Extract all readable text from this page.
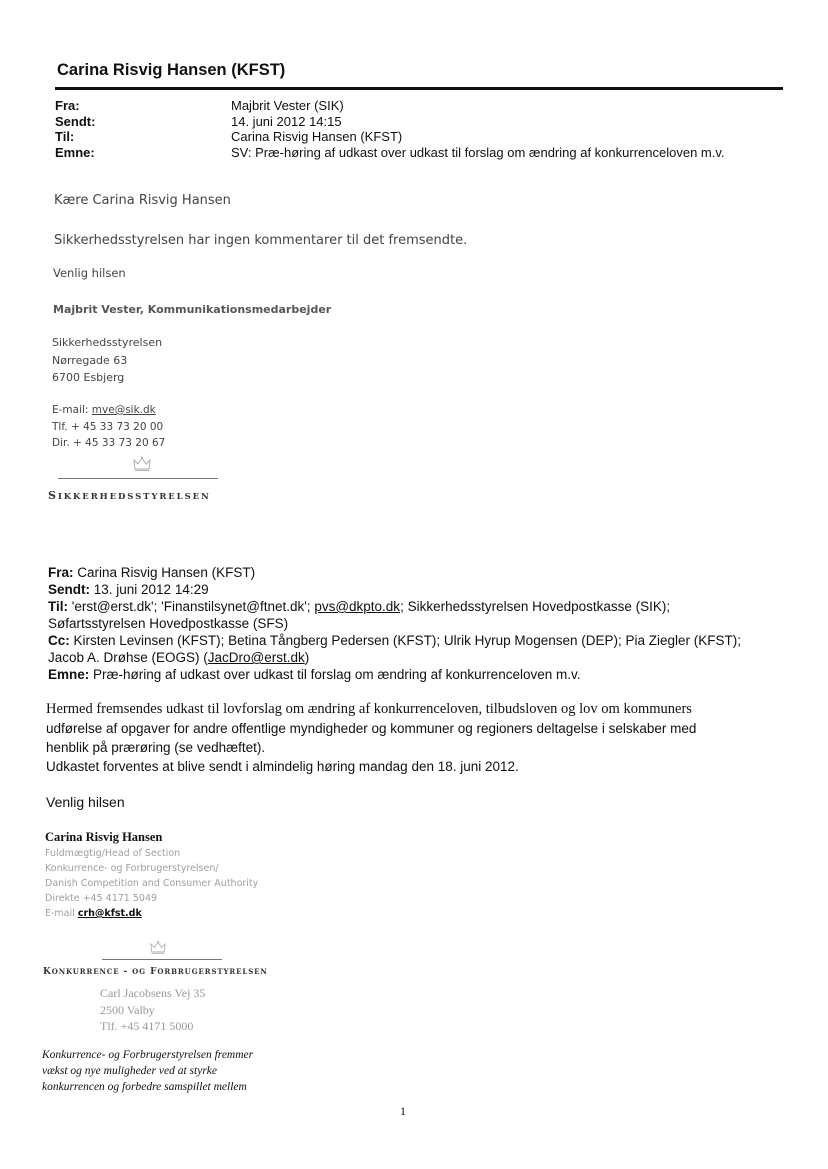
Carina Risvig Hansen (KFST)
Fra:	Majbrit Vester (SIK)
Sendt:	14. juni 2012 14:15
Til:	Carina Risvig Hansen (KFST)
Emne:	SV: Præ-høring af udkast over udkast til forslag om ændring af konkurrenceloven m.v.
Kære Carina Risvig Hansen
Sikkerhedsstyrelsen har ingen kommentarer til det fremsendte.
Venlig hilsen
Majbrit Vester, Kommunikationsmedarbejder
Sikkerhedsstyrelsen
Nørregade 63
6700 Esbjerg
E-mail: mve@sik.dk
Tlf. + 45 33 73 20 00
Dir. + 45 33 73 20 67
SIKKERHEDSSTYRELSEN
Fra: Carina Risvig Hansen (KFST)
Sendt: 13. juni 2012 14:29
Til: 'erst@erst.dk'; 'Finanstilsynet@ftnet.dk'; pvs@dkpto.dk; Sikkerhedsstyrelsen Hovedpostkasse (SIK);
Søfartsstyrelsen Hovedpostkasse (SFS)
Cc: Kirsten Levinsen (KFST); Betina Tångberg Pedersen (KFST); Ulrik Hyrup Mogensen (DEP); Pia Ziegler (KFST);
Jacob A. Drøhse (EOGS) (JacDro@erst.dk)
Emne: Præ-høring af udkast over udkast til forslag om ændring af konkurrenceloven m.v.
Hermed fremsendes udkast til lovforslag om ændring af konkurrenceloven, tilbudsloven og lov om kommuners
udførelse af opgaver for andre offentlige myndigheder og kommuner og regioners deltagelse i selskaber med
henblik på prærøring (se vedhæftet).
Udkastet forventes at blive sendt i almindelig høring mandag den 18. juni 2012.
Venlig hilsen
Carina Risvig Hansen
Fuldmægtig/Head of Section
Konkurrence- og Forbrugerstyrelsen/
Danish Competition and Consumer Authority
Direkte +45 4171 5049
E-mail crh@kfst.dk
KONKURRENCE - OG FORBRUGERSTYRELSEN
Carl Jacobsens Vej 35
2500 Valby
Tlf. +45 4171 5000
Konkurrence- og Forbrugerstyrelsen fremmer
vækst og nye muligheder ved at styrke
konkurrencen og forbedre samspillet mellem
1
